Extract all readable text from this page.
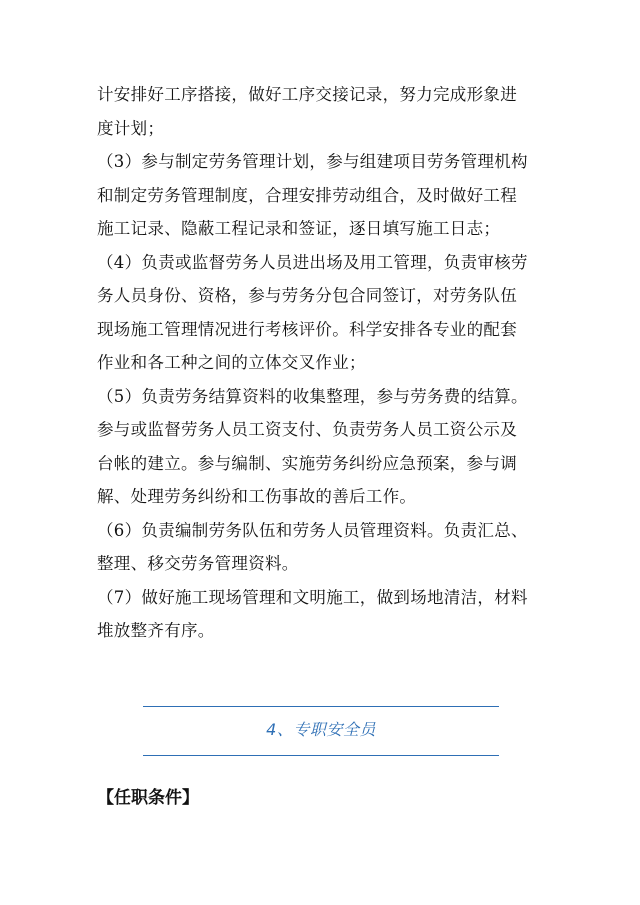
计安排好工序搭接，做好工序交接记录，努力完成形象进
度计划；

（3）参与制定劳务管理计划，参与组建项目劳务管理机构
和制定劳务管理制度，合理安排劳动组合，及时做好工程
施工记录、隐蔽工程记录和签证，逐日填写施工日志；

（4）负责或监督劳务人员进出场及用工管理，负责审核劳
务人员身份、资格，参与劳务分包合同签订，对劳务队伍
现场施工管理情况进行考核评价。科学安排各专业的配套
作业和各工种之间的立体交叉作业；

（5）负责劳务结算资料的收集整理，参与劳务费的结算。
参与或监督劳务人员工资支付、负责劳务人员工资公示及
台帐的建立。参与编制、实施劳务纠纷应急预案，参与调
解、处理劳务纠纷和工伤事故的善后工作。

（6）负责编制劳务队伍和劳务人员管理资料。负责汇总、
整理、移交劳务管理资料。

（7）做好施工现场管理和文明施工，做到场地清洁，材料
堆放整齐有序。

4、专职安全员
【任职条件】
